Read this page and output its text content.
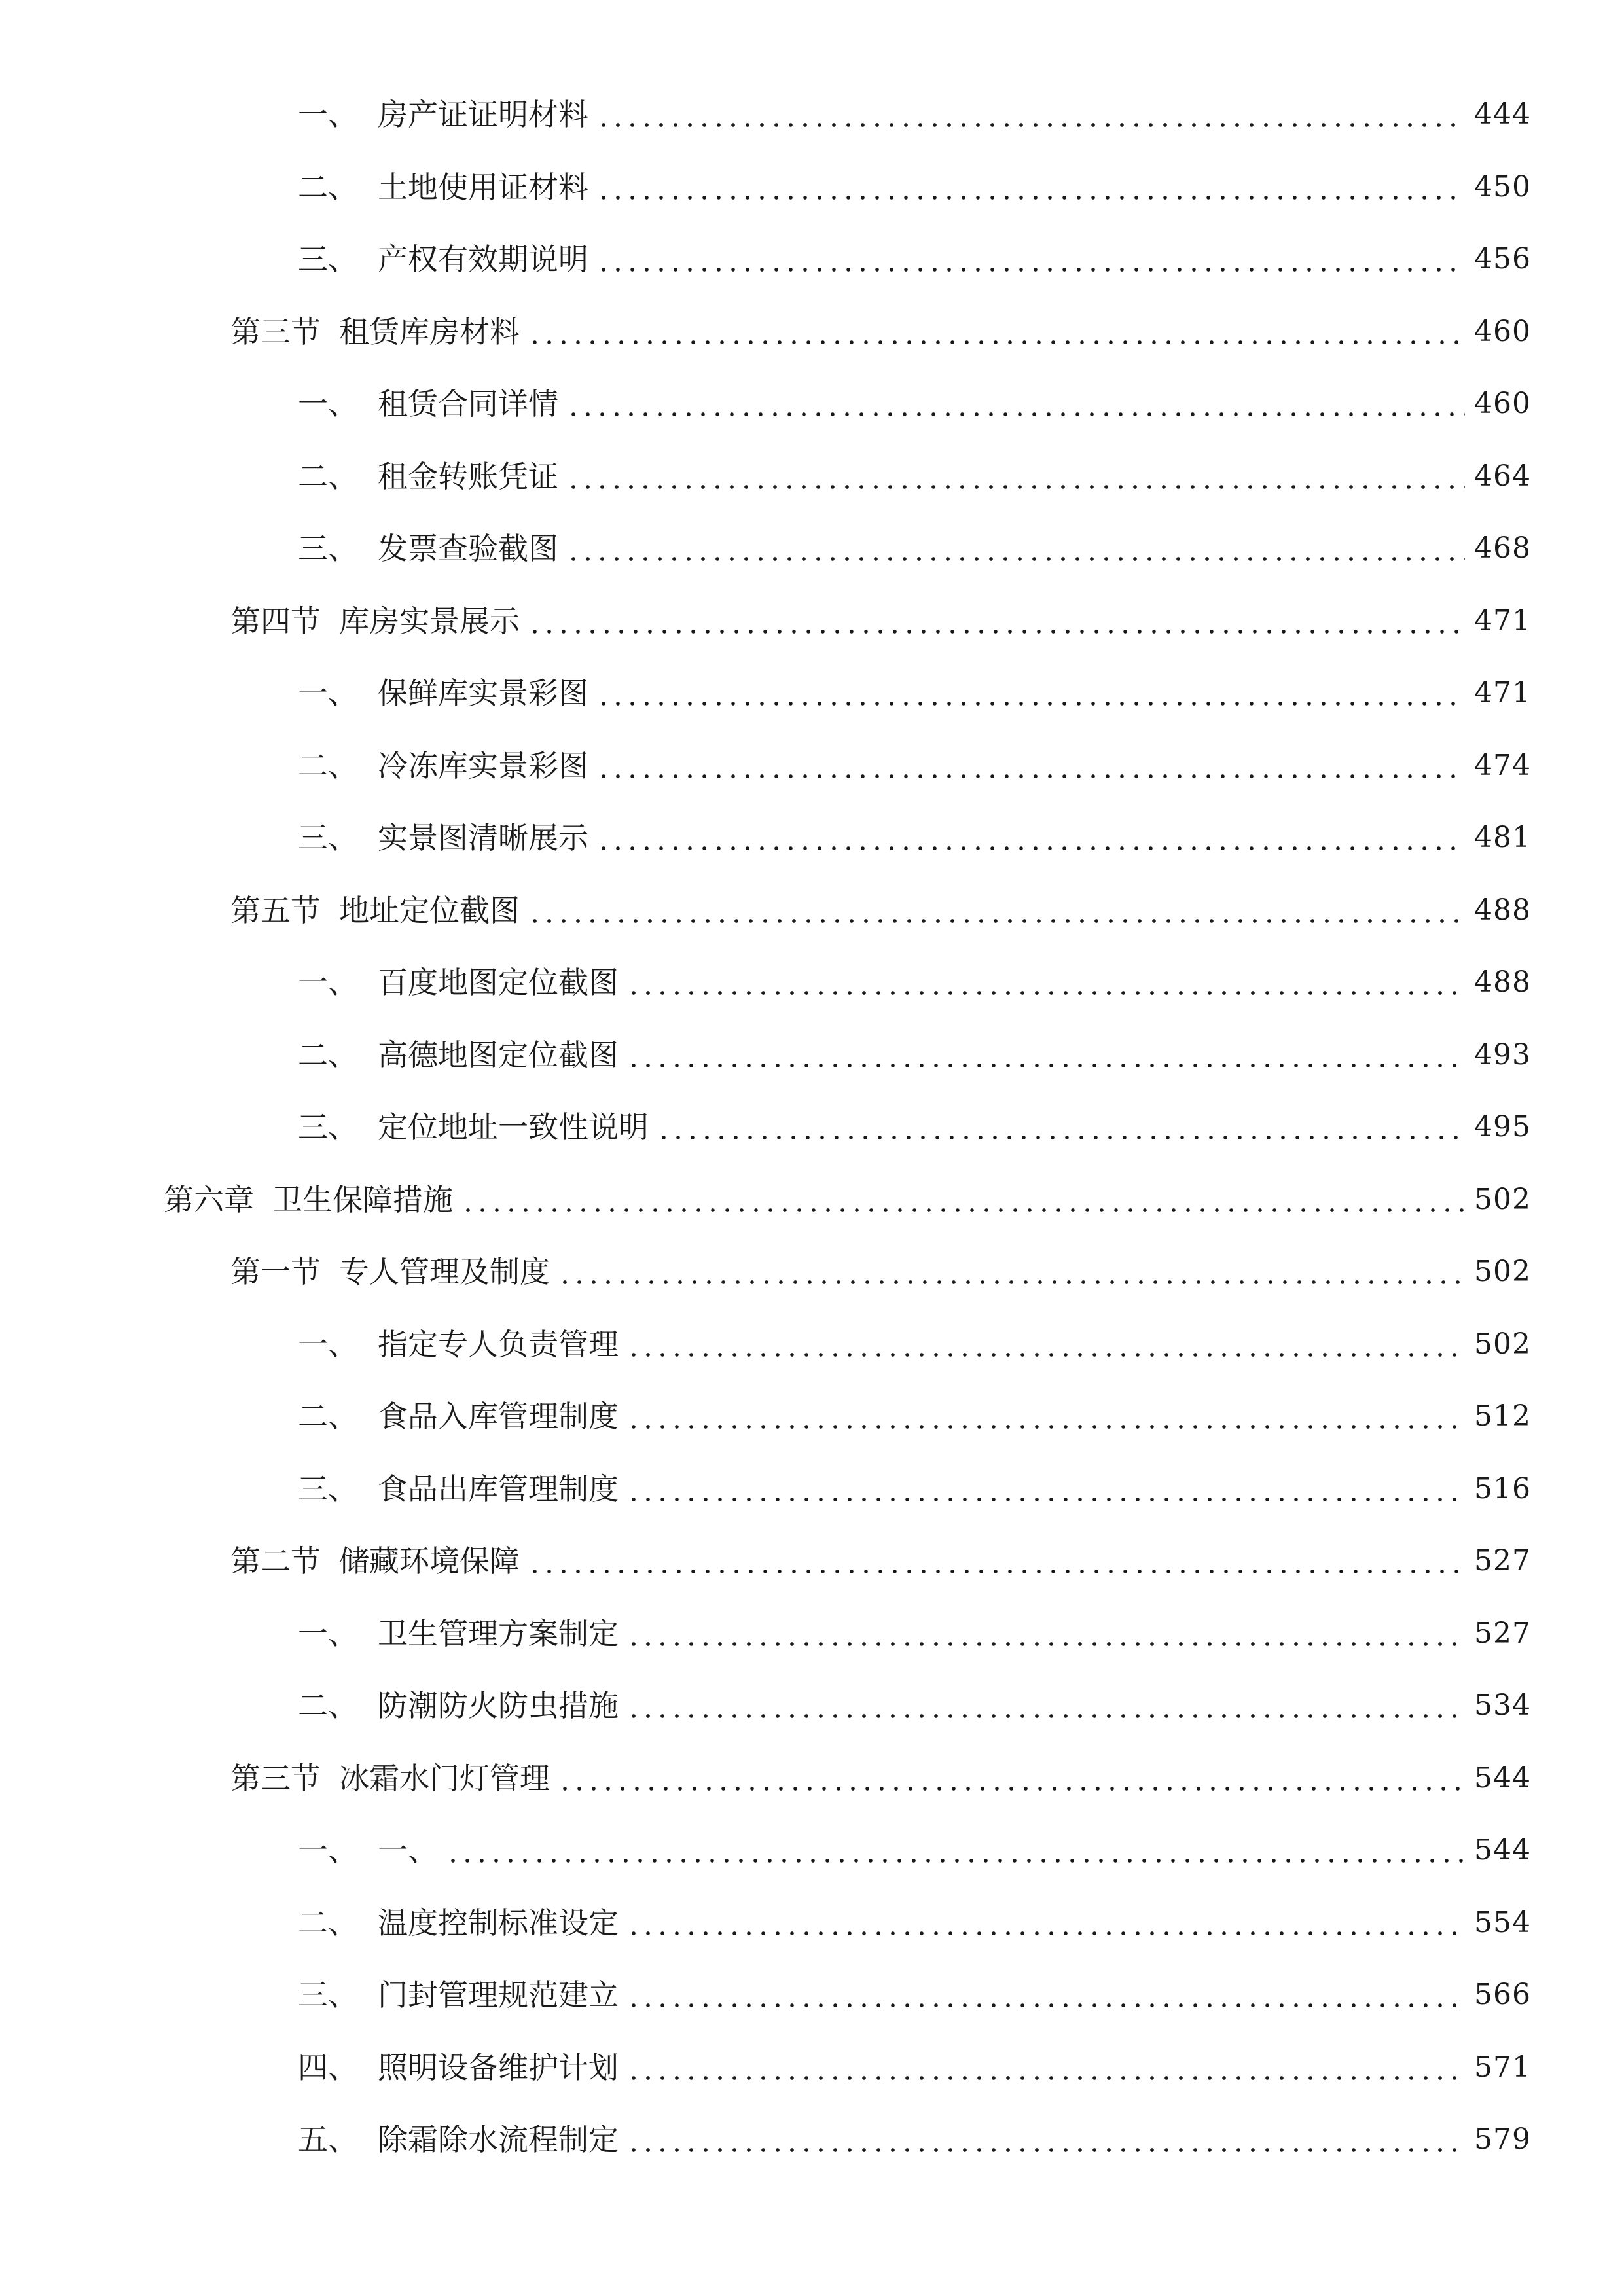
一、 房产证证明材料	444
二、 土地使用证材料	450
三、 产权有效期说明	456
第三节 租赁库房材料	460
一、 租赁合同详情	460
二、 租金转账凭证	464
三、 发票查验截图	468
第四节 库房实景展示	471
一、 保鲜库实景彩图	471
二、 冷冻库实景彩图	474
三、 实景图清晰展示	481
第五节 地址定位截图	488
一、 百度地图定位截图	488
二、 高德地图定位截图	493
三、 定位地址一致性说明	495
第六章 卫生保障措施	502
第一节 专人管理及制度	502
一、 指定专人负责管理	502
二、 食品入库管理制度	512
三、 食品出库管理制度	516
第二节 储藏环境保障	527
一、 卫生管理方案制定	527
二、 防潮防火防虫措施	534
第三节 冰霜水门灯管理	544
一、 一、	544
二、 温度控制标准设定	554
三、 门封管理规范建立	566
四、 照明设备维护计划	571
五、 除霜除水流程制定	579
